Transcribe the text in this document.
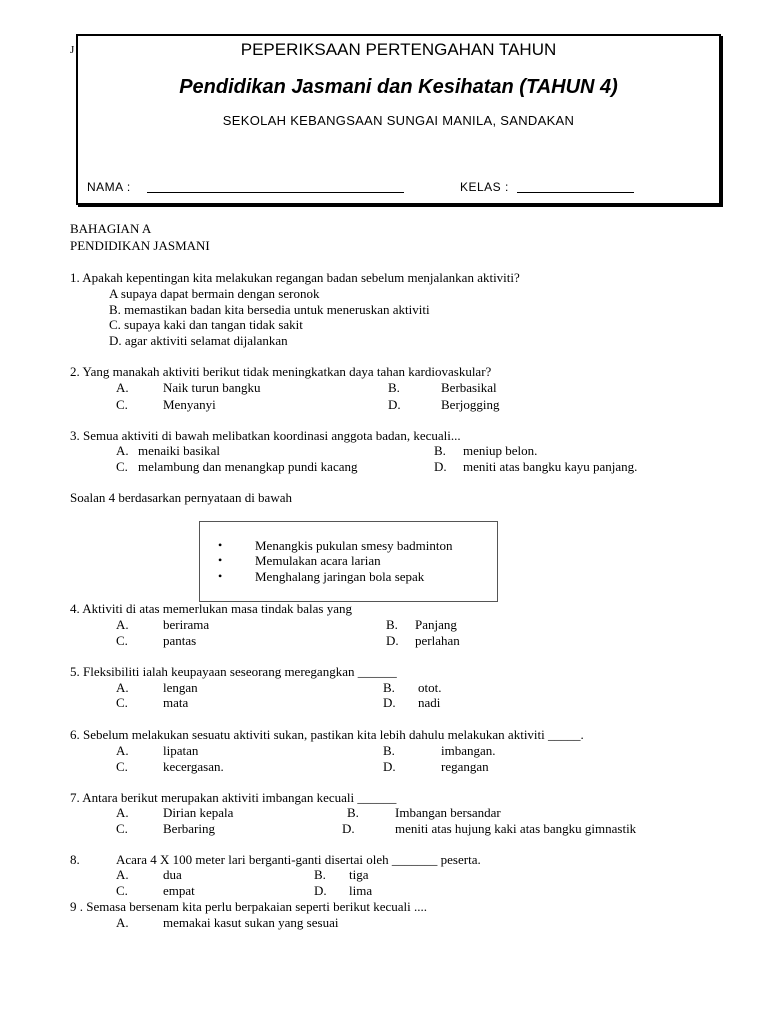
J	PEPERIKSAAN PERTENGAHAN TAHUN
Pendidikan Jasmani dan Kesihatan (TAHUN 4)
SEKOLAH KEBANGSAAN SUNGAI MANILA, SANDAKAN
NAMA :	KELAS :
BAHAGIAN A
PENDIDIKAN JASMANI
1. Apakah kepentingan kita melakukan regangan badan sebelum menjalankan aktiviti?
A supaya dapat bermain dengan seronok
B. memastikan badan kita bersedia untuk meneruskan aktiviti
C. supaya kaki dan tangan tidak sakit
D. agar aktiviti selamat dijalankan
2. Yang manakah aktiviti berikut tidak meningkatkan daya tahan kardiovaskular?
A.	Naik turun bangku	B.	Berbasikal
C.	Menyanyi	D.	Berjogging
3. Semua aktiviti di bawah melibatkan koordinasi anggota badan, kecuali...
A. menaiki basikal	B. meniup belon.
C. melambung dan menangkap pundi kacang	D. meniti atas bangku kayu panjang.
Soalan 4 berdasarkan pernyataan di bawah
•	Menangkis pukulan smesy badminton
•	Memulakan acara larian
•	Menghalang jaringan bola sepak
4. Aktiviti di atas memerlukan masa tindak balas yang
A.	berirama	B. Panjang
C.	pantas	D. perlahan
5. Fleksibiliti ialah keupayaan seseorang meregangkan ______
A.	lengan	B. otot.
C.	mata	D. nadi
6. Sebelum melakukan sesuatu aktiviti sukan, pastikan kita lebih dahulu melakukan aktiviti _____.
A.	lipatan	B.	imbangan.
C.	kecergasan.	D.	regangan
7. Antara berikut merupakan aktiviti imbangan kecuali ______
A.	Dirian kepala	B.	Imbangan bersandar
C.	Berbaring	D.	meniti atas hujung kaki atas bangku gimnastik
8.	Acara 4 X 100 meter lari berganti-ganti disertai oleh _______ peserta.
A.	dua	B. tiga
C.	empat	D. lima
9 . Semasa bersenam kita perlu berpakaian seperti berikut kecuali ....
A.	memakai kasut sukan yang sesuai
